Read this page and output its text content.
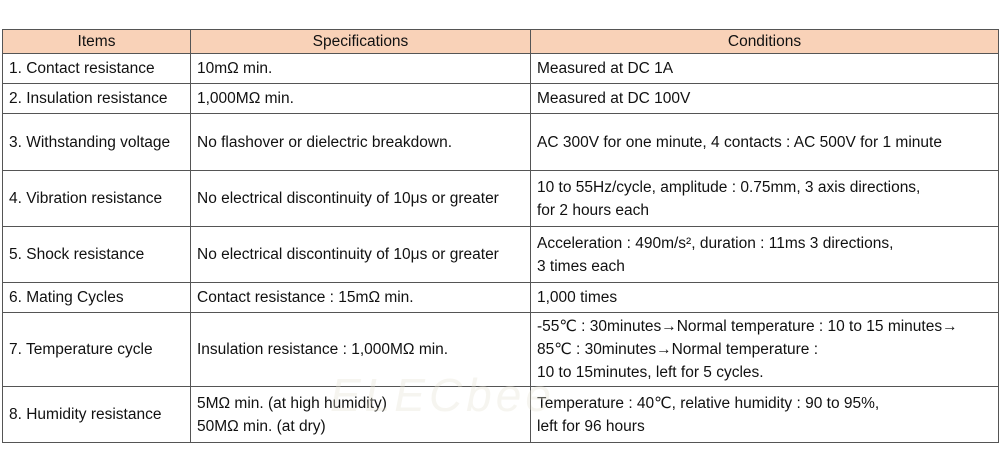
Items	Specifications	Conditions
1. Contact resistance	10mΩ min.	Measured at DC 1A

2. Insulation resistance	1,000MΩ min.	Measured at DC 100V

3. Withstanding voltage	No flashover or dielectric breakdown.	AC 300V for one minute, 4 contacts : AC 500V for 1 minute

4. Vibration resistance	No electrical discontinuity of 10μs or greater	10 to 55Hz/cycle, amplitude : 0.75mm, 3 axis directions,
for 2 hours each

5. Shock resistance	No electrical discontinuity of 10μs or greater	Acceleration : 490m/s², duration : 11ms 3 directions,
3 times each

6. Mating Cycles	Contact resistance : 15mΩ min.	1,000 times

7. Temperature cycle	Insulation resistance : 1,000MΩ min.	-55℃ : 30minutes→Normal temperature : 10 to 15 minutes→
85℃ : 30minutes→Normal temperature :
10 to 15minutes, left for 5 cycles.

8. Humidity resistance	5MΩ min. (at high humidity)
50MΩ min. (at dry)	Temperature : 40℃, relative humidity : 90 to 95%,
left for 96 hours
ELECbee
